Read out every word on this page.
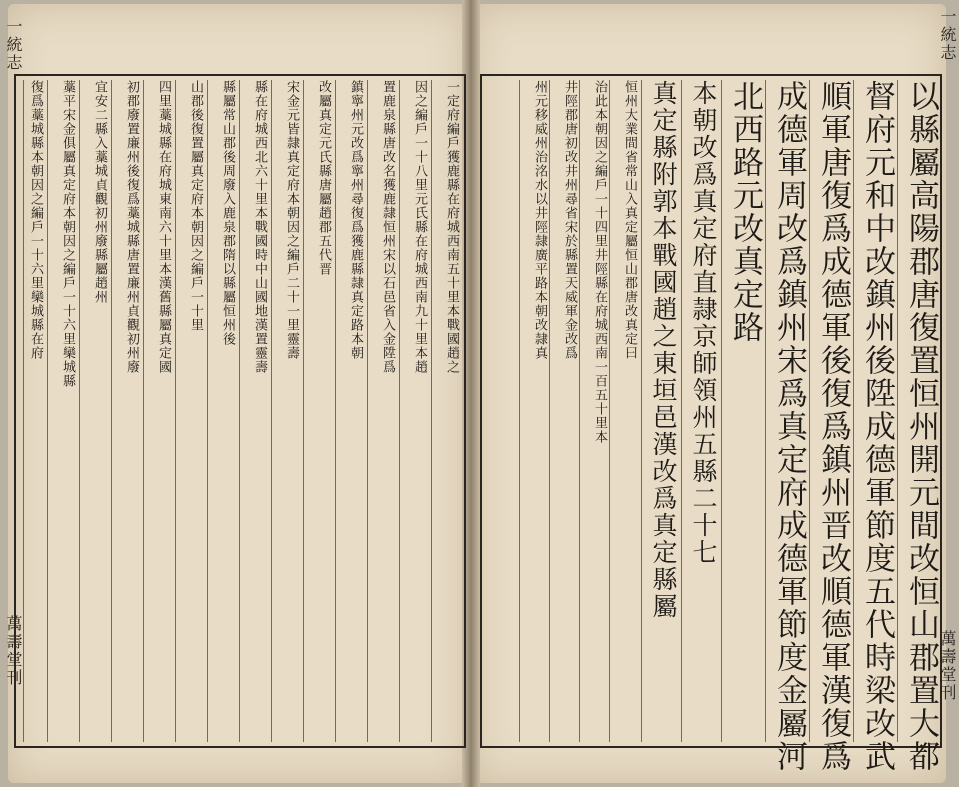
一統志
萬壽堂刊
一統志
萬壽堂刊	以縣屬高陽郡唐復置恒州開元間改恒山郡置大都
督府元和中改鎮州後陞成德軍節度五代時梁改武
順軍唐復爲成德軍後復爲鎮州晋改順德軍漢復爲
成德軍周改爲鎮州宋爲真定府成德軍節度金屬河
北西路元改真定路
本朝改爲真定府直隷京師領州五縣二十七
真定縣附郭本戰國趙之東垣邑漢改爲真定縣屬
恒州大業間省常山入真定屬恒山郡唐改真定曰
治此本朝因之編戶一十四里井陘縣在府城西南一百五十里本
井陘郡唐初改井州尋省宋於縣置天威軍金改爲
州元移威州治洺水以井陘隷廣平路本朝改隷真
一定府編戶獲鹿縣在府城西南五十里本戰國趙之
因之編戶一十八里元氏縣在府城西南九十里本趙
置鹿泉縣唐改名獲鹿隷恒州宋以石邑省入金陞爲
鎮寧州元改爲寧州尋復爲獲鹿縣隷真定路本朝
改屬真定元氏縣唐屬趙郡五代晋
宋金元皆隷真定府本朝因之編戶二十一里靈壽
縣在府城西北六十里本戰國時中山國地漢置靈壽
縣屬常山郡後周廢入鹿泉郡隋以縣屬恒州後
山郡後復置屬真定府本朝因之編戶一十里
四里藁城縣在府城東南六十里本漢舊縣屬真定國
初郡廢置廉州後復爲藁城縣唐置廉州貞觀初州廢
宜安二縣入藁城貞觀初州廢縣屬趙州
藁平宋金俱屬真定府本朝因之編戶一十六里欒城縣
復爲藁城縣本朝因之編戶一十六里欒城縣在府
